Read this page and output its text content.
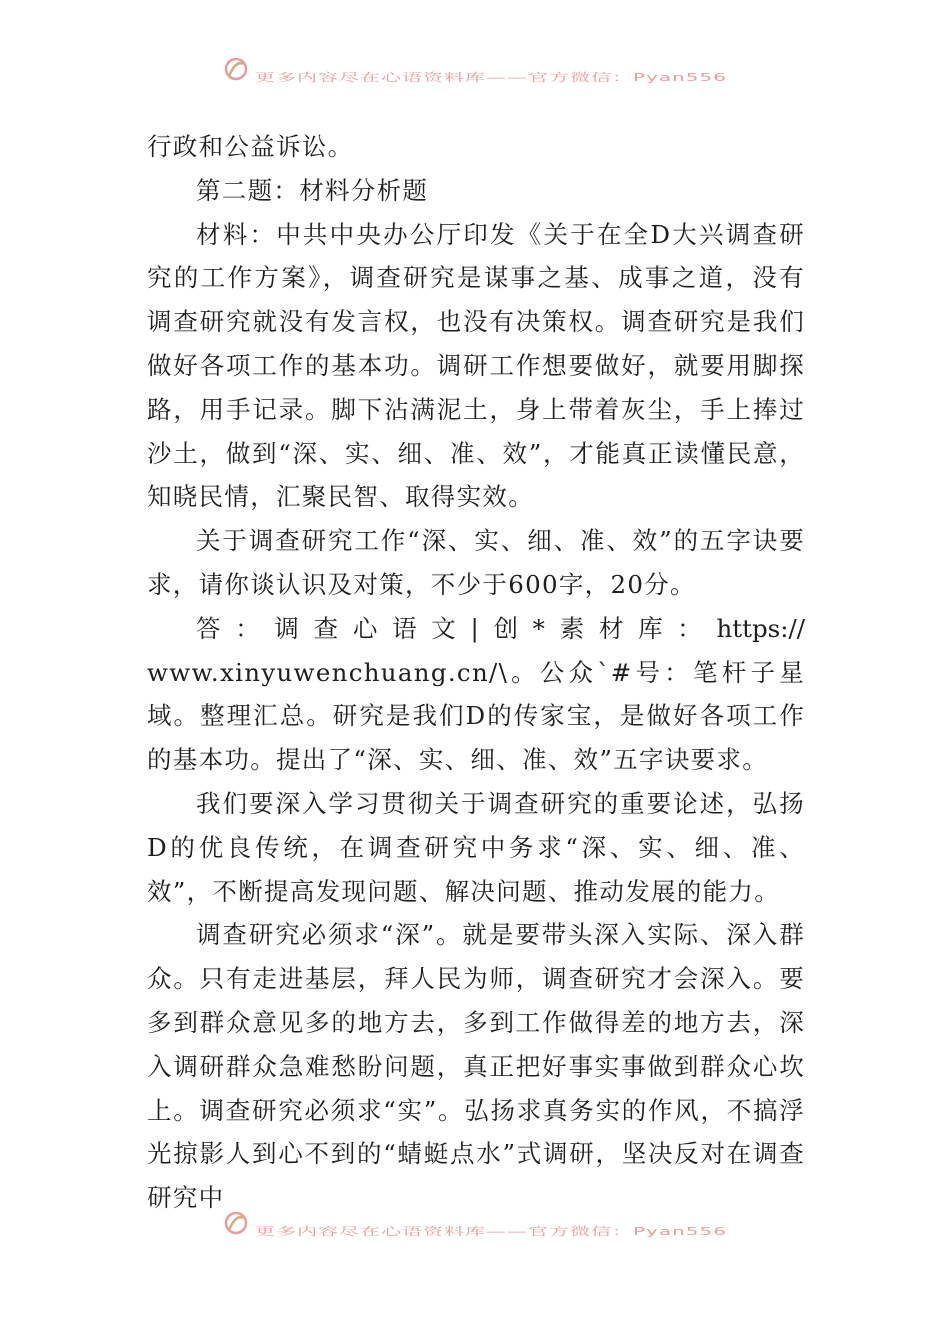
更多内容尽在心语资料库——官方微信：Pyan556

行政和公益诉讼。

第二题：材料分析题

材料：中共中央办公厅印发《关于在全D大兴调查研究的工作方案》，调查研究是谋事之基、成事之道，没有调查研究就没有发言权，也没有决策权。调查研究是我们做好各项工作的基本功。调研工作想要做好，就要用脚探路，用手记录。脚下沾满泥土，身上带着灰尘，手上捧过沙土，做到“深、实、细、准、效”，才能真正读懂民意，知晓民情，汇聚民智、取得实效。

关于调查研究工作“深、实、细、准、效”的五字诀要求，请你谈认识及对策，不少于600字，20分。

答：调查心语文|创*素材库：https://

www.xinyuwenchuang.cn/\。公众`#号：笔杆子星域。整理汇总。研究是我们D的传家宝，是做好各项工作的基本功。提出了“深、实、细、准、效”五字诀要求。

我们要深入学习贯彻关于调查研究的重要论述，弘扬D的优良传统，在调查研究中务求“深、实、细、准、效”，不断提高发现问题、解决问题、推动发展的能力。

调查研究必须求“深”。就是要带头深入实际、深入群众。只有走进基层，拜人民为师，调查研究才会深入。要多到群众意见多的地方去，多到工作做得差的地方去，深入调研群众急难愁盼问题，真正把好事实事做到群众心坎上。调查研究必须求“实”。弘扬求真务实的作风，不搞浮光掠影人到心不到的“蜻蜓点水”式调研，坚决反对在调查研究中

更多内容尽在心语资料库——官方微信：Pyan556
